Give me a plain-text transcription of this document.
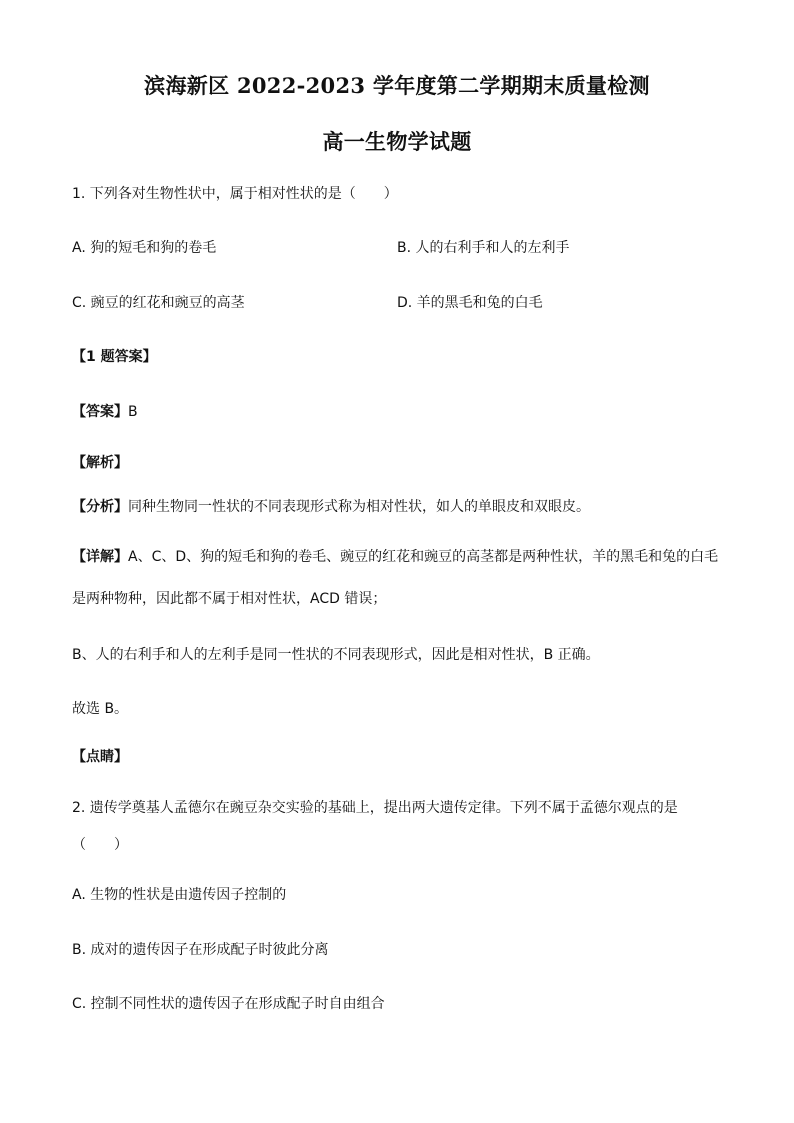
滨海新区 2022-2023 学年度第二学期期末质量检测
高一生物学试题
1. 下列各对生物性状中，属于相对性状的是（　　）
A. 狗的短毛和狗的卷毛	B. 人的右利手和人的左利手
C. 豌豆的红花和豌豆的高茎	D. 羊的黑毛和兔的白毛
【1 题答案】
【答案】B
【解析】
【分析】同种生物同一性状的不同表现形式称为相对性状，如人的单眼皮和双眼皮。
【详解】A、C、D、狗的短毛和狗的卷毛、豌豆的红花和豌豆的高茎都是两种性状，羊的黑毛和兔的白毛
是两种物种，因此都不属于相对性状，ACD 错误；
B、人的右利手和人的左利手是同一性状的不同表现形式，因此是相对性状，B 正确。
故选 B。
【点睛】
2. 遗传学奠基人孟德尔在豌豆杂交实验的基础上，提出两大遗传定律。下列不属于孟德尔观点的是
（　　）
A. 生物的性状是由遗传因子控制的
B. 成对的遗传因子在形成配子时彼此分离
C. 控制不同性状的遗传因子在形成配子时自由组合
